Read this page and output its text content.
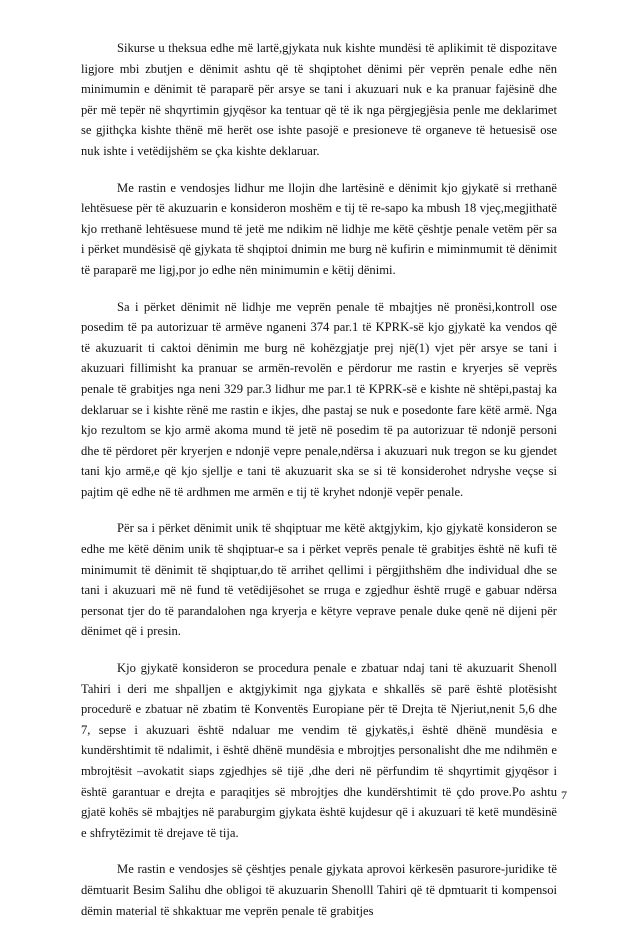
Sikurse u theksua edhe më lartë,gjykata nuk kishte mundësi të aplikimit të dispozitave ligjore mbi zbutjen e dënimit ashtu që të shqiptohet dënimi për veprën penale edhe nën minimumin e dënimit të paraparë për arsye se tani i akuzuari nuk e ka pranuar fajësinë dhe për më tepër në shqyrtimin gjyqësor ka tentuar që të ik nga përgjegjësia penle me deklarimet se gjithçka kishte thënë më herët ose ishte pasojë e presioneve të organeve të hetuesisë ose nuk ishte i vetëdijshëm se çka kishte deklaruar.

Me rastin e vendosjes lidhur me llojin dhe lartësinë e dënimit kjo gjykatë si rrethanë lehtësuese për të akuzuarin e konsideron moshëm e tij të re-sapo ka mbush 18 vjeç,megjithatë kjo rrethanë lehtësuese mund të jetë me ndikim në lidhje me këtë çështje penale vetëm për sa i përket mundësisë që gjykata të shqiptoi dnimin me burg në kufirin e miminmumit të dënimit të paraparë me ligj,por jo edhe nën minimumin e këtij dënimi.

Sa i përket dënimit në lidhje me veprën penale të mbajtjes në pronësi,kontroll ose posedim të pa autorizuar të armëve nganeni 374 par.1 të KPRK-së kjo gjykatë ka vendos që të akuzuarit ti caktoi dënimin me burg në kohëzgjatje prej një(1) vjet për arsye se tani i akuzuari fillimisht ka pranuar se armën-revolën e përdorur me rastin e kryerjes së veprës penale të grabitjes nga neni 329 par.3 lidhur me par.1 të KPRK-së e kishte në shtëpi,pastaj ka deklaruar se i kishte rënë me rastin e ikjes, dhe pastaj se nuk e posedonte fare këtë armë. Nga kjo rezultom se kjo armë akoma mund të jetë në posedim të pa autorizuar të ndonjë personi dhe të përdoret për kryerjen e ndonjë vepre penale,ndërsa i akuzuari nuk tregon se ku gjendet tani kjo armë,e që kjo sjellje e tani të akuzuarit ska se si të konsiderohet ndryshe veçse si pajtim që edhe në të ardhmen me armën e tij të kryhet ndonjë vepër penale.

Për sa i përket dënimit unik të shqiptuar me këtë aktgjykim, kjo gjykatë konsideron se edhe me këtë dënim unik të shqiptuar-e sa i përket veprës penale të grabitjes është në kufi të minimumit të dënimit të shqiptuar,do të arrihet qellimi i përgjithshëm dhe individual dhe se tani i akuzuari më në fund të vetëdijësohet se rruga e zgjedhur është rrugë e gabuar ndërsa personat tjer do të parandalohen nga kryerja e këtyre veprave penale duke qenë në dijeni për dënimet që i presin.

Kjo gjykatë konsideron se procedura penale e zbatuar ndaj tani të akuzuarit Shenoll Tahiri i deri me shpalljen e aktgjykimit nga gjykata e shkallës së parë është plotësisht procedurë e zbatuar në zbatim të Konventës Europiane për të Drejta të Njeriut,nenit 5,6 dhe 7, sepse i akuzuari është ndaluar me vendim të gjykatës,i është dhënë mundësia e kundërshtimit të ndalimit, i është dhënë mundësia e mbrojtjes personalisht dhe me ndihmën e mbrojtësit –avokatit siaps zgjedhjes së tijë ,dhe deri në përfundim të shqyrtimit gjyqësor i është garantuar e drejta e paraqitjes së mbrojtjes dhe kundërshtimit të çdo prove.Po ashtu gjatë kohës së mbajtjes në paraburgim gjykata është kujdesur që i akuzuari të ketë mundësinë e shfrytëzimit të drejave të tija.

Me rastin e vendosjes së çështjes penale gjykata aprovoi kërkesën pasurore-juridike të dëmtuarit Besim Salihu dhe obligoi të akuzuarin Shenolll Tahiri që të dpmtuarit ti kompensoi dëmin material të shkaktuar me veprën penale të grabitjes

7
